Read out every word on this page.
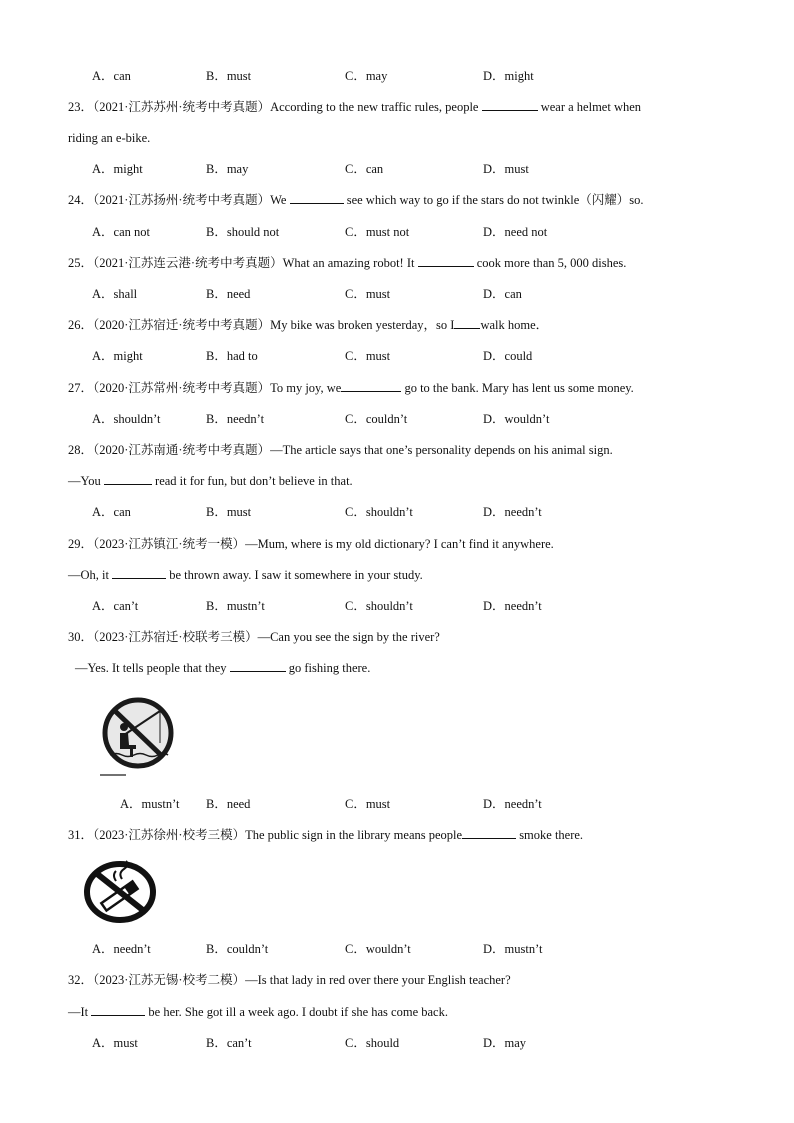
A．can	B．must	C．may	D．might
23．（2021·江苏苏州·统考中考真题）According to the new traffic rules, people	wear a helmet when
riding an e-bike.
A．might	B．may	C．can	D．must
24．（2021·江苏扬州·统考中考真题）We	see which way to go if the stars do not twinkle（闪耀）so.
A．can not	B．should not	C．must not	D．need not
25．（2021·江苏连云港·统考中考真题）What an amazing robot! It	cook more than 5, 000 dishes.
A．shall	B．need	C．must	D．can
26．（2020·江苏宿迁·统考中考真题）My bike was broken yesterday，so I walk home．
A．might	B．had to	C．must	D．could
27．（2020·江苏常州·统考中考真题）To my joy, we	go to the bank. Mary has lent us some money.
A．shouldn’t	B．needn’t	C．couldn’t	D．wouldn’t
28．（2020·江苏南通·统考中考真题）—The article says that one’s personality depends on his animal sign.
—You	read it for fun, but don’t believe in that.
A．can	B．must	C．shouldn’t	D．needn’t
29．（2023·江苏镇江·统考一模）—Mum, where is my old dictionary? I can’t find it anywhere.
—Oh, it	be thrown away. I saw it somewhere in your study.
A．can’t	B．mustn’t	C．shouldn’t	D．needn’t
30．（2023·江苏宿迁·校联考三模）—Can you see the sign by the river?
—Yes. It tells people that they	go fishing there.
A．mustn’t B．need	C．must	D．needn’t
31．（2023·江苏徐州·校考三模）The public sign in the library means people	smoke there.
A．needn’t	B．couldn’t	C．wouldn’t	D．mustn’t
32．（2023·江苏无锡·校考二模）—Is that lady in red over there your English teacher?
—It	be her. She got ill a week ago. I doubt if she has come back.
A．must	B．can’t	C．should	D．may
